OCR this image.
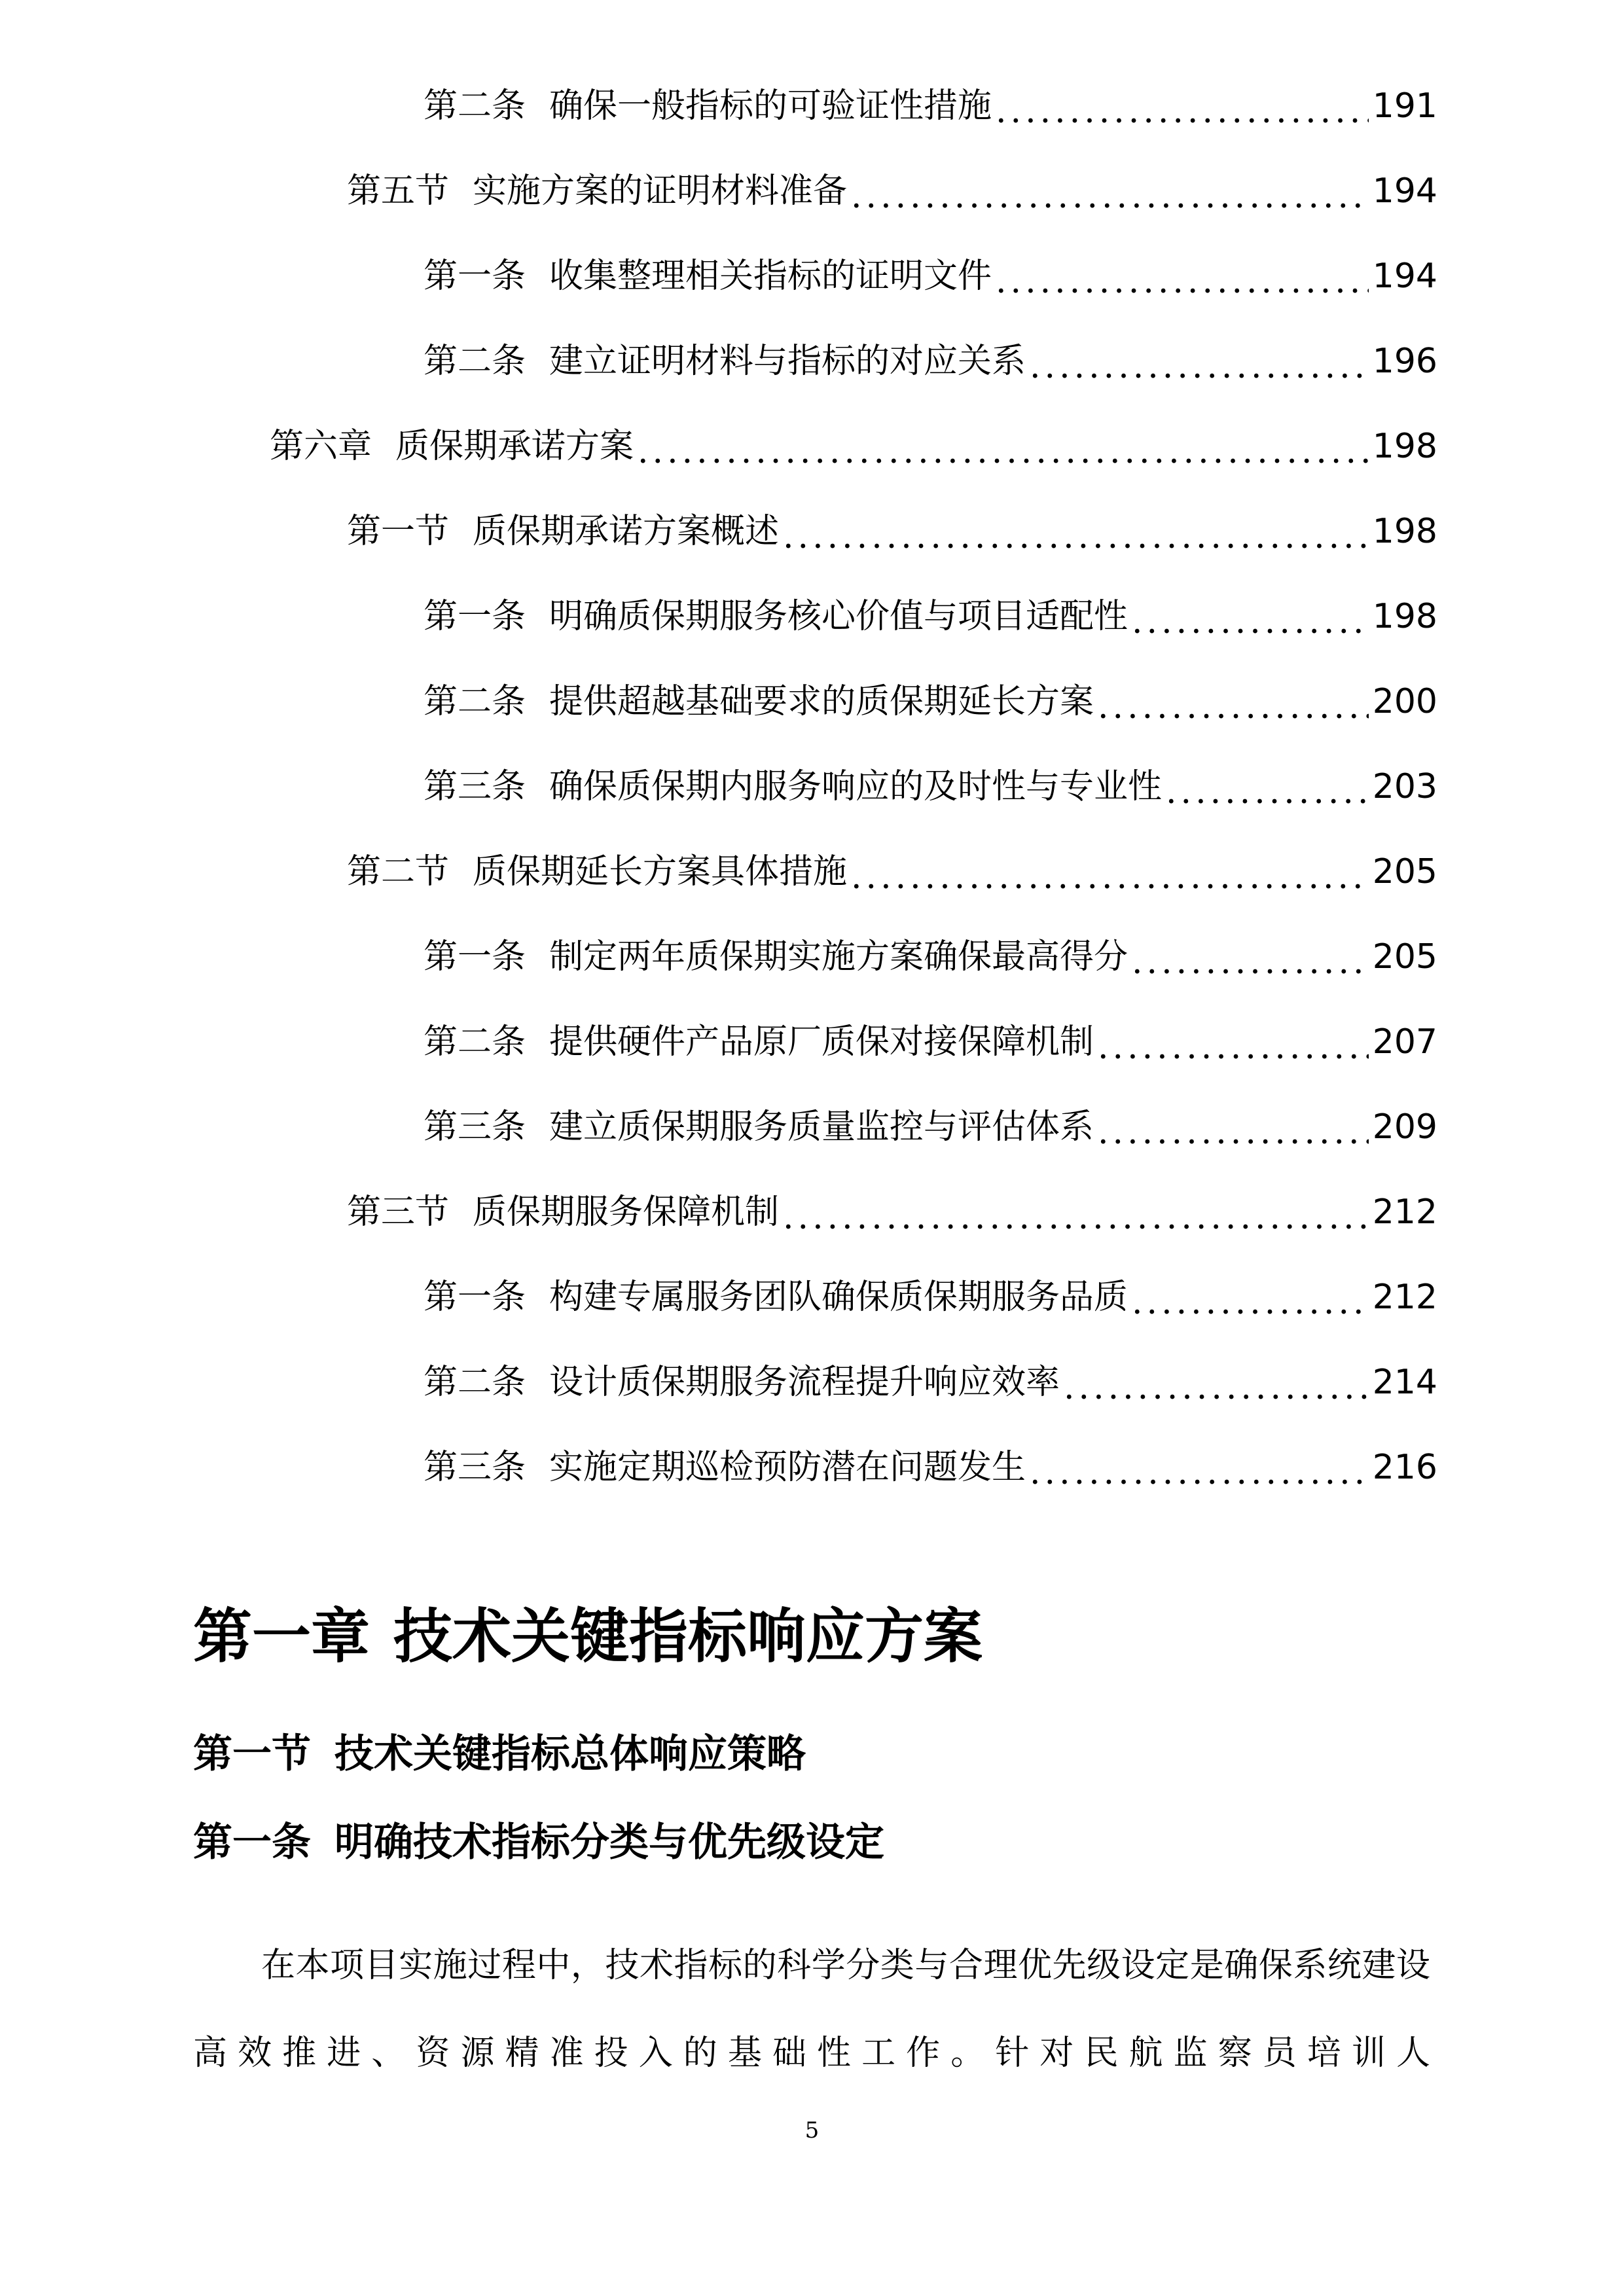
第二条 确保一般指标的可验证性措施 .....	191
第五节 实施方案的证明材料准备 .....	194
第一条 收集整理相关指标的证明文件 .....	194
第二条 建立证明材料与指标的对应关系 .....	196
第六章 质保期承诺方案 .....	198
第一节 质保期承诺方案概述 .....	198
第一条 明确质保期服务核心价值与项目适配性 .....	198
第二条 提供超越基础要求的质保期延长方案 .....	200
第三条 确保质保期内服务响应的及时性与专业性 .....	203
第二节 质保期延长方案具体措施 .....	205
第一条 制定两年质保期实施方案确保最高得分 .....	205
第二条 提供硬件产品原厂质保对接保障机制 .....	207
第三条 建立质保期服务质量监控与评估体系 .....	209
第三节 质保期服务保障机制 .....	212
第一条 构建专属服务团队确保质保期服务品质 .....	212
第二条 设计质保期服务流程提升响应效率 .....	214
第三条 实施定期巡检预防潜在问题发生 .....	216
第一章 技术关键指标响应方案
第一节 技术关键指标总体响应策略
第一条 明确技术指标分类与优先级设定

在本项目实施过程中，技术指标的科学分类与合理优先级设定是确保系统建设高效推进、资源精准投入的基础性工作。针对民航监察员培训人

5
